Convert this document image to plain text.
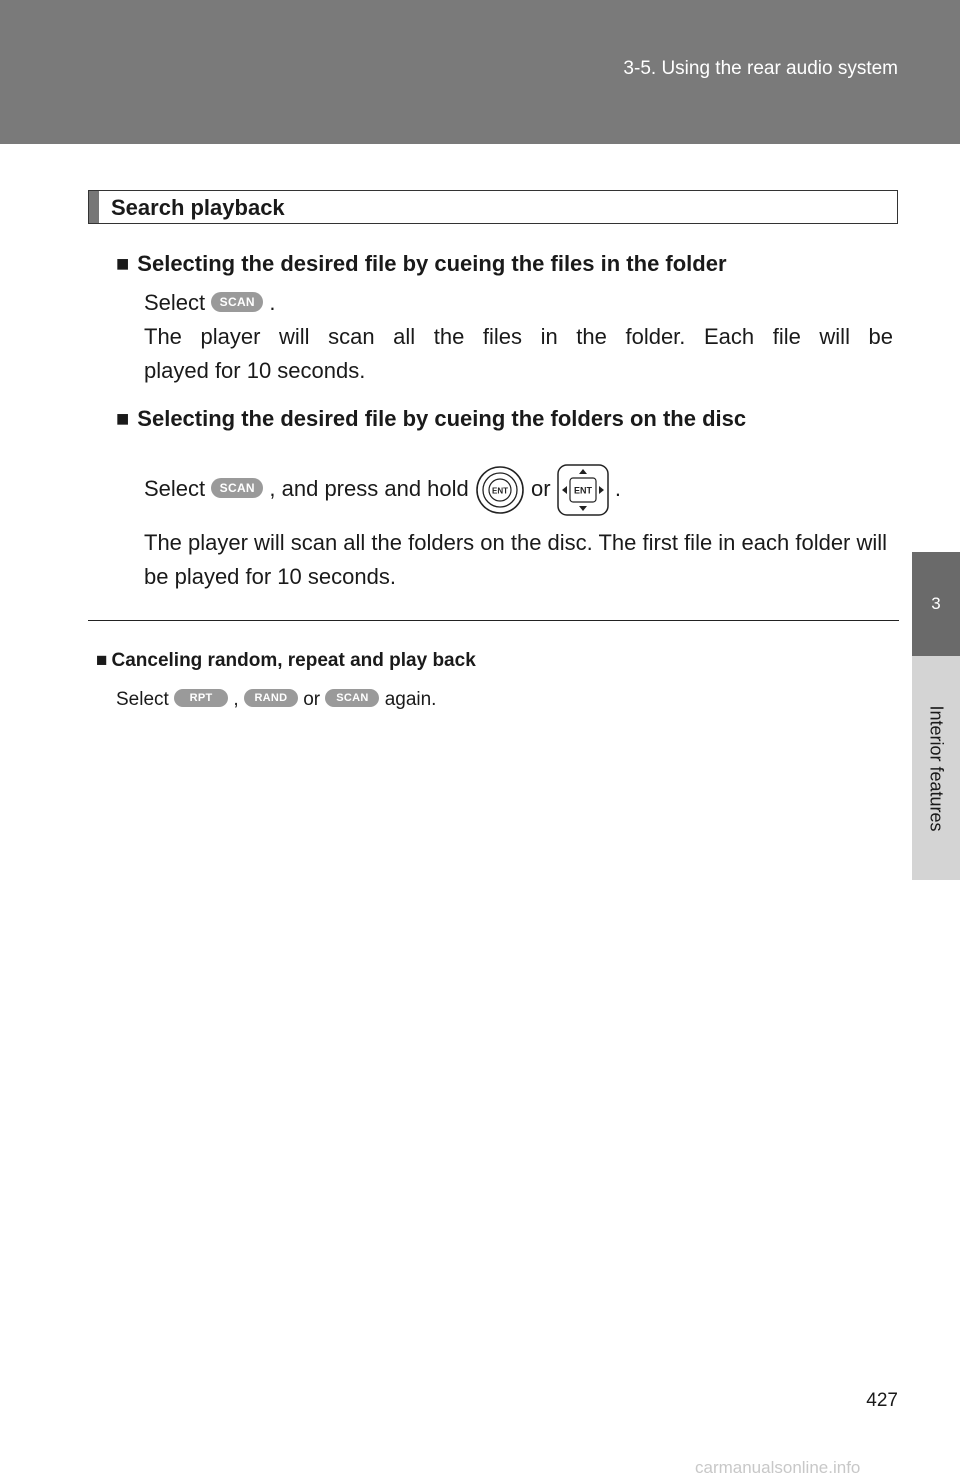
3-5. Using the rear audio system
3
Interior features
Search playback
■ Selecting the desired file by cueing the files in the folder
Select SCAN .
The player will scan all the files in the folder. Each file will be
played for 10 seconds.
■ Selecting the desired file by cueing the folders on the disc
Select SCAN , and press and hold	ENT or	ENT .
The player will scan all the folders on the disc. The first file in each folder will be played for 10 seconds.
■ Canceling random, repeat and play back
Select RPT , RAND or SCAN again.
427
carmanualsonline.info
